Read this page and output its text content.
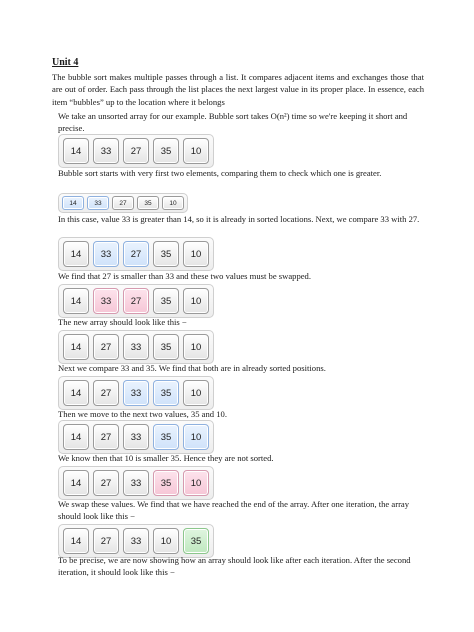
Unit 4
The bubble sort makes multiple passes through a list. It compares adjacent items and exchanges those that are out of order. Each pass through the list places the next largest value in its proper place. In essence, each item “bubbles” up to the location where it belongs
We take an unsorted array for our example. Bubble sort takes O(n²) time so we're keeping it short and precise.
14	33	27	35	10
Bubble sort starts with very first two elements, comparing them to check which one is greater.
14	33	27	35	10
In this case, value 33 is greater than 14, so it is already in sorted locations. Next, we compare 33 with 27.
14	33	27	35	10
We find that 27 is smaller than 33 and these two values must be swapped.
14	33	27	35	10
The new array should look like this −
14	27	33	35	10
Next we compare 33 and 35. We find that both are in already sorted positions.
14	27	33	35	10
Then we move to the next two values, 35 and 10.
14	27	33	35	10
We know then that 10 is smaller 35. Hence they are not sorted.
14	27	33	35	10
We swap these values. We find that we have reached the end of the array. After one iteration, the array should look like this −
14	27	33	10	35
To be precise, we are now showing how an array should look like after each iteration. After the second iteration, it should look like this −
